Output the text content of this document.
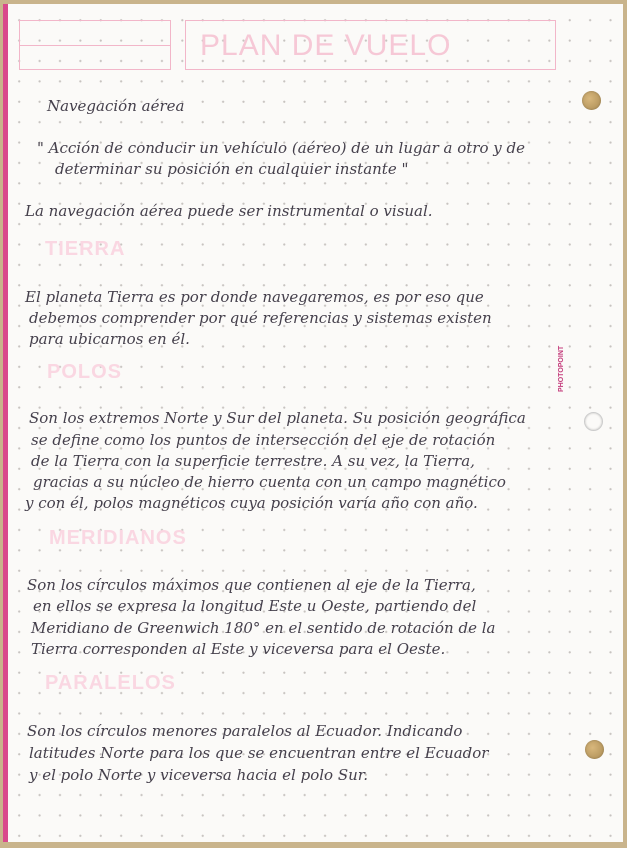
PLAN DE VUELO
PHOTOPOINT
Navegación aérea
" Acción de conducir un vehículo (aéreo) de un lugar a otro y de
determinar su posición en cualquier instante "
La navegación aérea puede ser instrumental o visual.
TIERRA
El planeta Tierra es por donde navegaremos, es por eso que
debemos comprender por qué referencias y sistemas existen
para ubicarnos en él.
POLOS
Son los extremos Norte y Sur del planeta. Su posición geográfica
se define como los puntos de intersección del eje de rotación
de la Tierra con la superficie terrestre. A su vez, la Tierra,
gracias a su núcleo de hierro cuenta con un campo magnético
y con él, polos magnéticos cuya posición varía año con año.
MERIDIANOS
Son los círculos máximos que contienen al eje de la Tierra,
en ellos se expresa la longitud Este u Oeste, partiendo del
Meridiano de Greenwich 180° en el sentido de rotación de la
Tierra corresponden al Este y viceversa para el Oeste.
PARALELOS
Son los círculos menores paralelos al Ecuador. Indicando
latitudes Norte para los que se encuentran entre el Ecuador
y el polo Norte y viceversa hacia el polo Sur.
